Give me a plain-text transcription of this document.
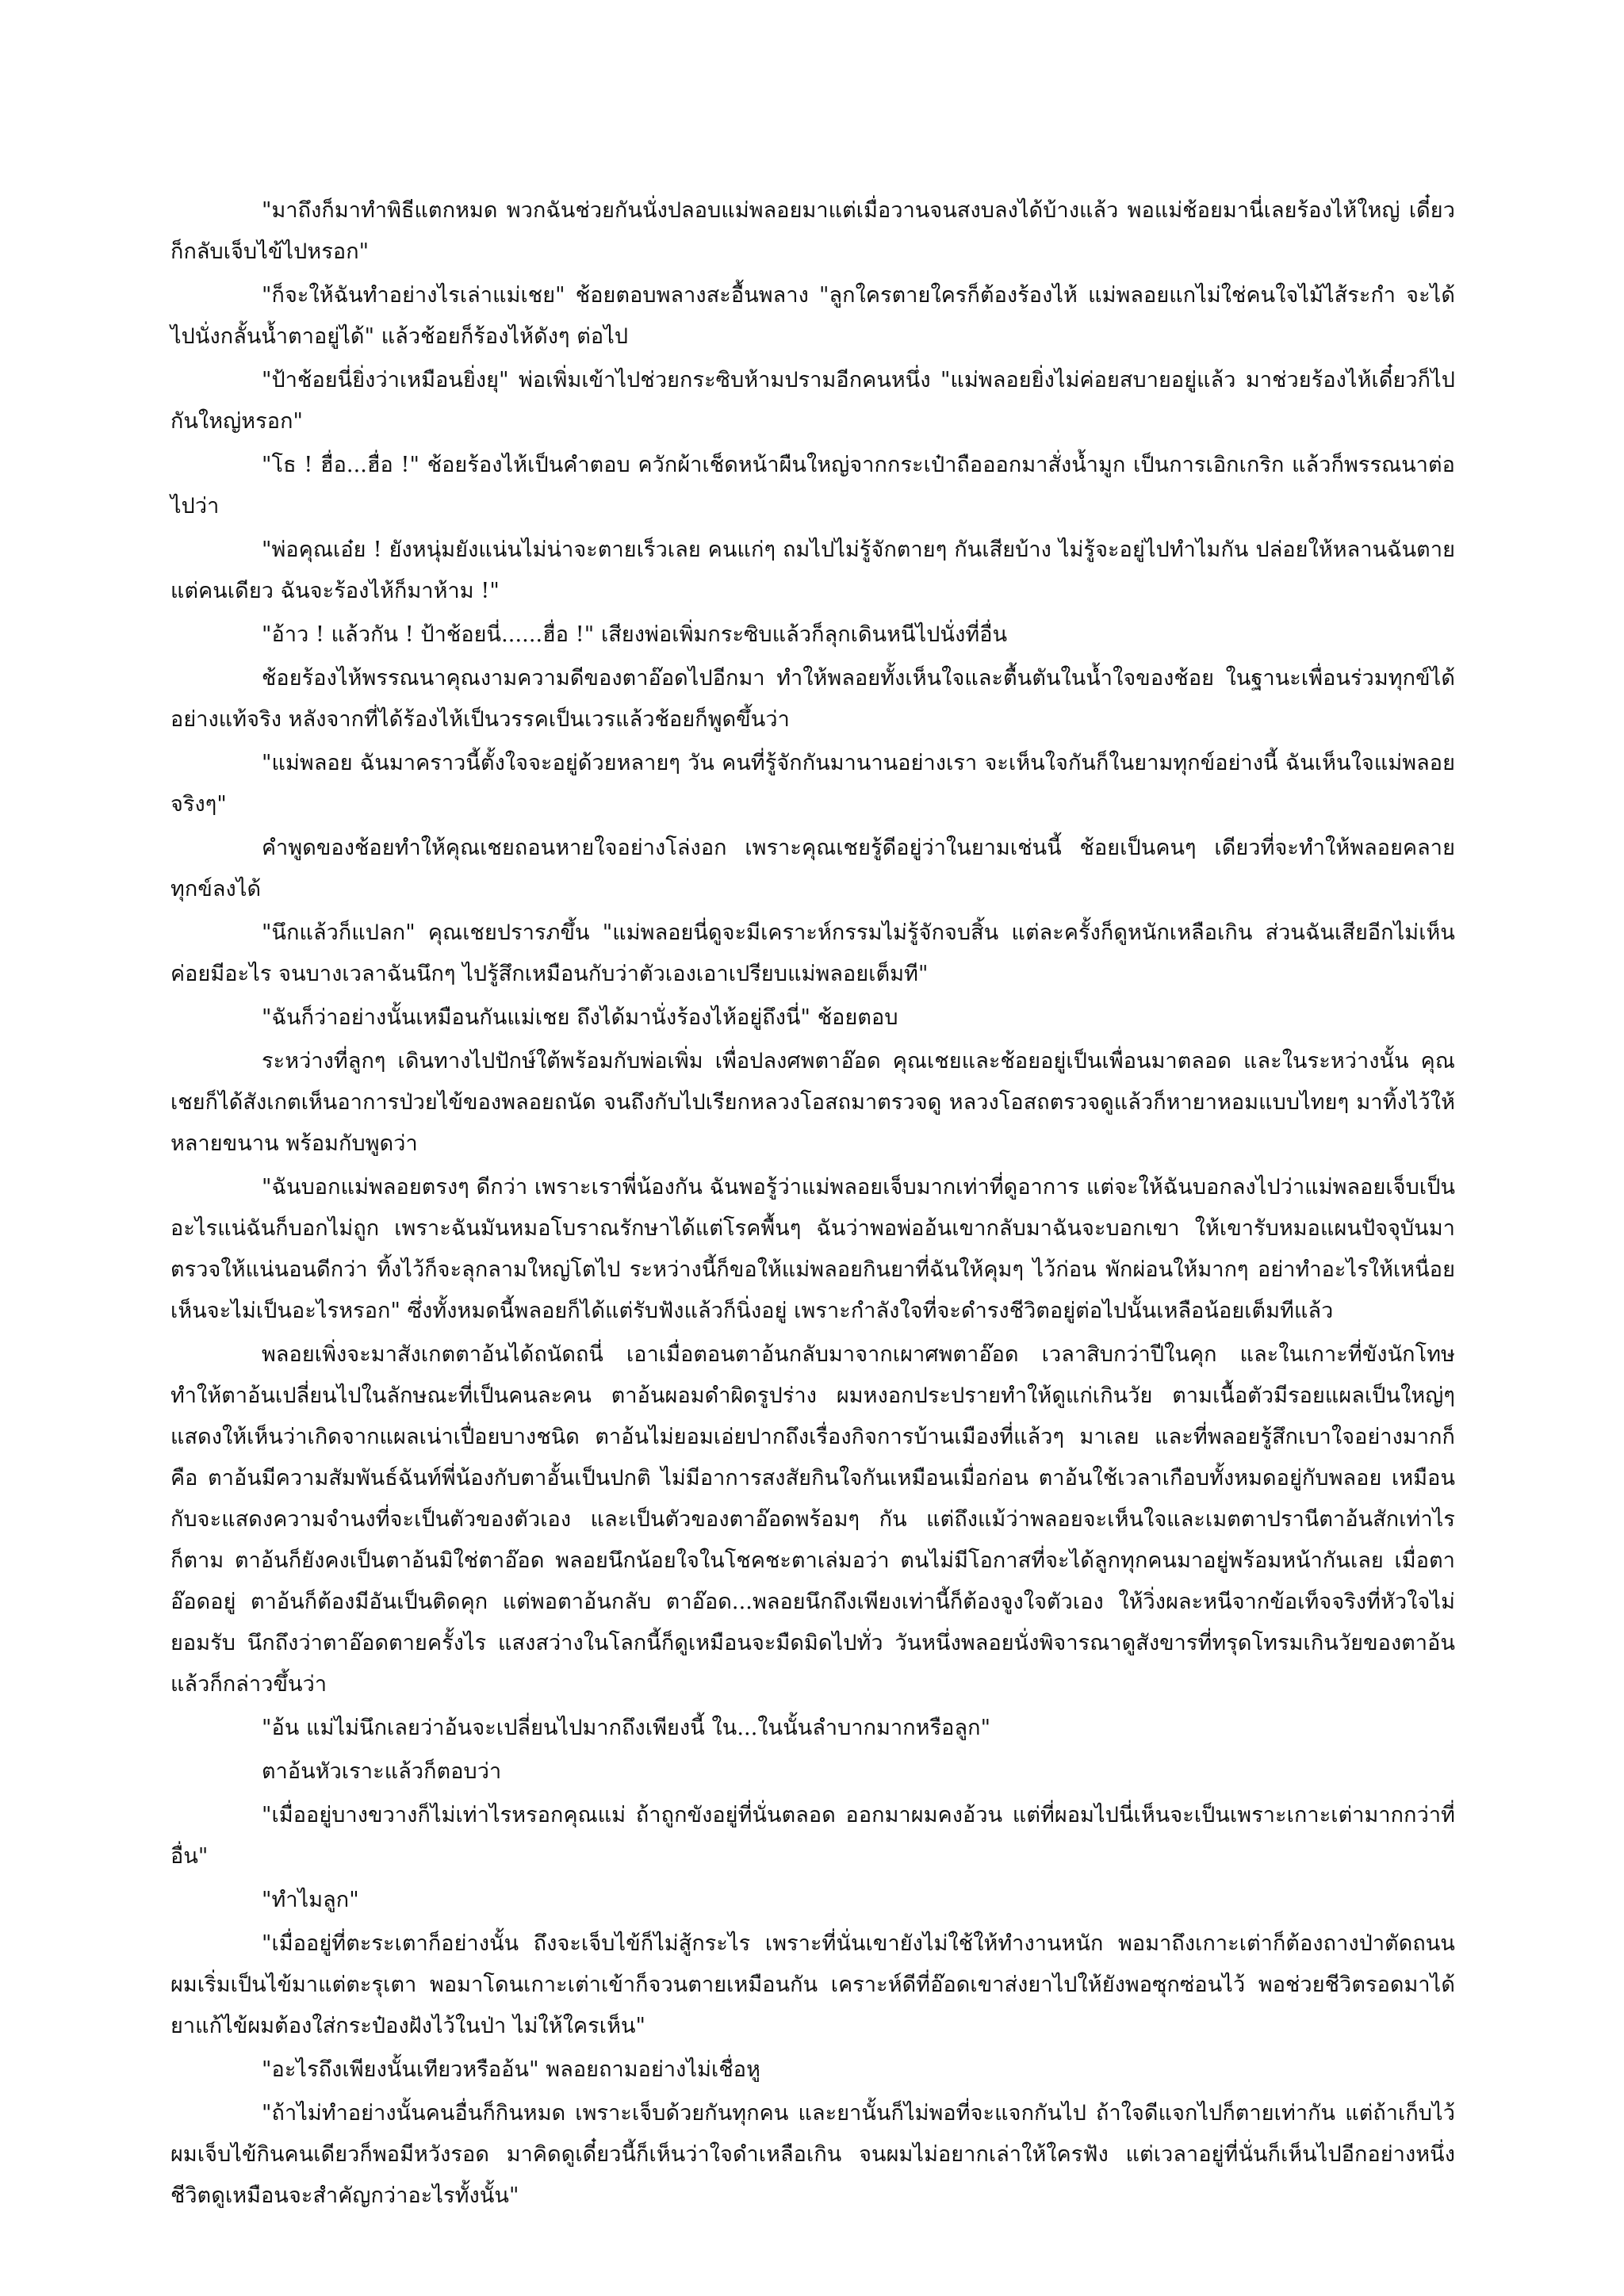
"มาถึงก็มาทำพิธีแตกหมด พวกฉันช่วยกันนั่งปลอบแม่พลอยมาแต่เมื่อวานจนสงบลงได้บ้างแล้ว พอแม่ช้อยมานี่เลยร้องไห้ใหญ่ เดี๋ยวก็กลับเจ็บไข้ไปหรอก"

"ก็จะให้ฉันทำอย่างไรเล่าแม่เชย" ช้อยตอบพลางสะอื้นพลาง "ลูกใครตายใครก็ต้องร้องไห้ แม่พลอยแกไม่ใช่คนใจไม้ไส้ระกำ จะได้ไปนั่งกลั้นน้ำตาอยู่ได้" แล้วช้อยก็ร้องไห้ดังๆ ต่อไป

"ป้าช้อยนี่ยิ่งว่าเหมือนยิ่งยุ" พ่อเพิ่มเข้าไปช่วยกระซิบห้ามปรามอีกคนหนึ่ง "แม่พลอยยิ่งไม่ค่อยสบายอยู่แล้ว มาช่วยร้องไห้เดี๋ยวก็ไปกันใหญ่หรอก"

"โธ ! ฮื่อ...ฮื่อ !" ช้อยร้องไห้เป็นคำตอบ ควักผ้าเช็ดหน้าผืนใหญ่จากกระเป๋าถือออกมาสั่งน้ำมูก เป็นการเอิกเกริก แล้วก็พรรณนาต่อไปว่า

"พ่อคุณเอ๋ย ! ยังหนุ่มยังแน่นไม่น่าจะตายเร็วเลย คนแก่ๆ ถมไปไม่รู้จักตายๆ กันเสียบ้าง ไม่รู้จะอยู่ไปทำไมกัน ปล่อยให้หลานฉันตายแต่คนเดียว ฉันจะร้องไห้ก็มาห้าม !"

"อ้าว ! แล้วกัน ! ป้าช้อยนี่......ฮื่อ !" เสียงพ่อเพิ่มกระซิบแล้วก็ลุกเดินหนีไปนั่งที่อื่น

ช้อยร้องไห้พรรณนาคุณงามความดีของตาอ๊อดไปอีกมา ทำให้พลอยทั้งเห็นใจและตื้นตันในน้ำใจของช้อย ในฐานะเพื่อนร่วมทุกข์ได้อย่างแท้จริง หลังจากที่ได้ร้องไห้เป็นวรรคเป็นเวรแล้วช้อยก็พูดขึ้นว่า

"แม่พลอย ฉันมาคราวนี้ตั้งใจจะอยู่ด้วยหลายๆ วัน คนที่รู้จักกันมานานอย่างเรา จะเห็นใจกันก็ในยามทุกข์อย่างนี้ ฉันเห็นใจแม่พลอยจริงๆ"

คำพูดของช้อยทำให้คุณเชยถอนหายใจอย่างโล่งอก เพราะคุณเชยรู้ดีอยู่ว่าในยามเช่นนี้ ช้อยเป็นคนๆ เดียวที่จะทำให้พลอยคลายทุกข์ลงได้

"นึกแล้วก็แปลก" คุณเชยปรารภขึ้น "แม่พลอยนี่ดูจะมีเคราะห์กรรมไม่รู้จักจบสิ้น แต่ละครั้งก็ดูหนักเหลือเกิน ส่วนฉันเสียอีกไม่เห็นค่อยมีอะไร จนบางเวลาฉันนึกๆ ไปรู้สึกเหมือนกับว่าตัวเองเอาเปรียบแม่พลอยเต็มที"

"ฉันก็ว่าอย่างนั้นเหมือนกันแม่เชย ถึงได้มานั่งร้องไห้อยู่ถึงนี่" ช้อยตอบ

ระหว่างที่ลูกๆ เดินทางไปปักษ์ใต้พร้อมกับพ่อเพิ่ม เพื่อปลงศพตาอ๊อด คุณเชยและช้อยอยู่เป็นเพื่อนมาตลอด และในระหว่างนั้น คุณเชยก็ได้สังเกตเห็นอาการป่วยไข้ของพลอยถนัด จนถึงกับไปเรียกหลวงโอสถมาตรวจดู หลวงโอสถตรวจดูแล้วก็หายาหอมแบบไทยๆ มาทิ้งไว้ให้หลายขนาน พร้อมกับพูดว่า

"ฉันบอกแม่พลอยตรงๆ ดีกว่า เพราะเราพี่น้องกัน ฉันพอรู้ว่าแม่พลอยเจ็บมากเท่าที่ดูอาการ แต่จะให้ฉันบอกลงไปว่าแม่พลอยเจ็บเป็นอะไรแน่ฉันก็บอกไม่ถูก เพราะฉันมันหมอโบราณรักษาได้แต่โรคพื้นๆ ฉันว่าพอพ่ออ้นเขากลับมาฉันจะบอกเขา ให้เขารับหมอแผนปัจจุบันมาตรวจให้แน่นอนดีกว่า ทิ้งไว้ก็จะลุกลามใหญ่โตไป ระหว่างนี้ก็ขอให้แม่พลอยกินยาที่ฉันให้คุมๆ ไว้ก่อน พักผ่อนให้มากๆ อย่าทำอะไรให้เหนื่อย เห็นจะไม่เป็นอะไรหรอก" ซึ่งทั้งหมดนี้พลอยก็ได้แต่รับฟังแล้วก็นิ่งอยู่ เพราะกำลังใจที่จะดำรงชีวิตอยู่ต่อไปนั้นเหลือน้อยเต็มทีแล้ว

พลอยเพิ่งจะมาสังเกตตาอ้นได้ถนัดถนี่ เอาเมื่อตอนตาอ้นกลับมาจากเผาศพตาอ๊อด เวลาสิบกว่าปีในคุก และในเกาะที่ขังนักโทษ ทำให้ตาอ้นเปลี่ยนไปในลักษณะที่เป็นคนละคน ตาอ้นผอมดำผิดรูปร่าง ผมหงอกประปรายทำให้ดูแก่เกินวัย ตามเนื้อตัวมีรอยแผลเป็นใหญ่ๆ แสดงให้เห็นว่าเกิดจากแผลเน่าเปื่อยบางชนิด ตาอ้นไม่ยอมเอ่ยปากถึงเรื่องกิจการบ้านเมืองที่แล้วๆ มาเลย และที่พลอยรู้สึกเบาใจอย่างมากก็คือ ตาอ้นมีความสัมพันธ์ฉันท์พี่น้องกับตาอั้นเป็นปกติ ไม่มีอาการสงสัยกินใจกันเหมือนเมื่อก่อน ตาอ้นใช้เวลาเกือบทั้งหมดอยู่กับพลอย เหมือนกับจะแสดงความจำนงที่จะเป็นตัวของตัวเอง และเป็นตัวของตาอ๊อดพร้อมๆ กัน แต่ถึงแม้ว่าพลอยจะเห็นใจและเมตตาปรานีตาอ้นสักเท่าไรก็ตาม ตาอ้นก็ยังคงเป็นตาอ้นมิใช่ตาอ๊อด พลอยนึกน้อยใจในโชคชะตาเล่มอว่า ตนไม่มีโอกาสที่จะได้ลูกทุกคนมาอยู่พร้อมหน้ากันเลย เมื่อตาอ๊อดอยู่ ตาอ้นก็ต้องมีอันเป็นติดคุก แต่พอตาอ้นกลับ ตาอ๊อด...พลอยนึกถึงเพียงเท่านี้ก็ต้องจูงใจตัวเอง ให้วิ่งผละหนีจากข้อเท็จจริงที่หัวใจไม่ยอมรับ นึกถึงว่าตาอ๊อดตายครั้งไร แสงสว่างในโลกนี้ก็ดูเหมือนจะมืดมิดไปทั่ว วันหนึ่งพลอยนั่งพิจารณาดูสังขารที่ทรุดโทรมเกินวัยของตาอ้นแล้วก็กล่าวขึ้นว่า

"อ้น แม่ไม่นึกเลยว่าอ้นจะเปลี่ยนไปมากถึงเพียงนี้ ใน...ในนั้นลำบากมากหรือลูก"

ตาอ้นหัวเราะแล้วก็ตอบว่า

"เมื่ออยู่บางขวางก็ไม่เท่าไรหรอกคุณแม่ ถ้าถูกขังอยู่ที่นั่นตลอด ออกมาผมคงอ้วน แต่ที่ผอมไปนี่เห็นจะเป็นเพราะเกาะเต่ามากกว่าที่อื่น"

"ทำไมลูก"

"เมื่ออยู่ที่ตะระเตาก็อย่างนั้น ถึงจะเจ็บไข้ก็ไม่สู้กระไร เพราะที่นั่นเขายังไม่ใช้ให้ทำงานหนัก พอมาถึงเกาะเต่าก็ต้องถางป่าตัดถนน ผมเริ่มเป็นไข้มาแต่ตะรุเตา พอมาโดนเกาะเต่าเข้าก็จวนตายเหมือนกัน เคราะห์ดีที่อ๊อดเขาส่งยาไปให้ยังพอซุกซ่อนไว้ พอช่วยชีวิตรอดมาได้ ยาแก้ไข้ผมต้องใส่กระป๋องฝังไว้ในป่า ไม่ให้ใครเห็น"

"อะไรถึงเพียงนั้นเทียวหรืออ้น" พลอยถามอย่างไม่เชื่อหู

"ถ้าไม่ทำอย่างนั้นคนอื่นก็กินหมด เพราะเจ็บด้วยกันทุกคน และยานั้นก็ไม่พอที่จะแจกกันไป ถ้าใจดีแจกไปก็ตายเท่ากัน แต่ถ้าเก็บไว้ผมเจ็บไข้กินคนเดียวก็พอมีหวังรอด มาคิดดูเดี๋ยวนี้ก็เห็นว่าใจดำเหลือเกิน จนผมไม่อยากเล่าให้ใครฟัง แต่เวลาอยู่ที่นั่นก็เห็นไปอีกอย่างหนึ่ง ชีวิตดูเหมือนจะสำคัญกว่าอะไรทั้งนั้น"
